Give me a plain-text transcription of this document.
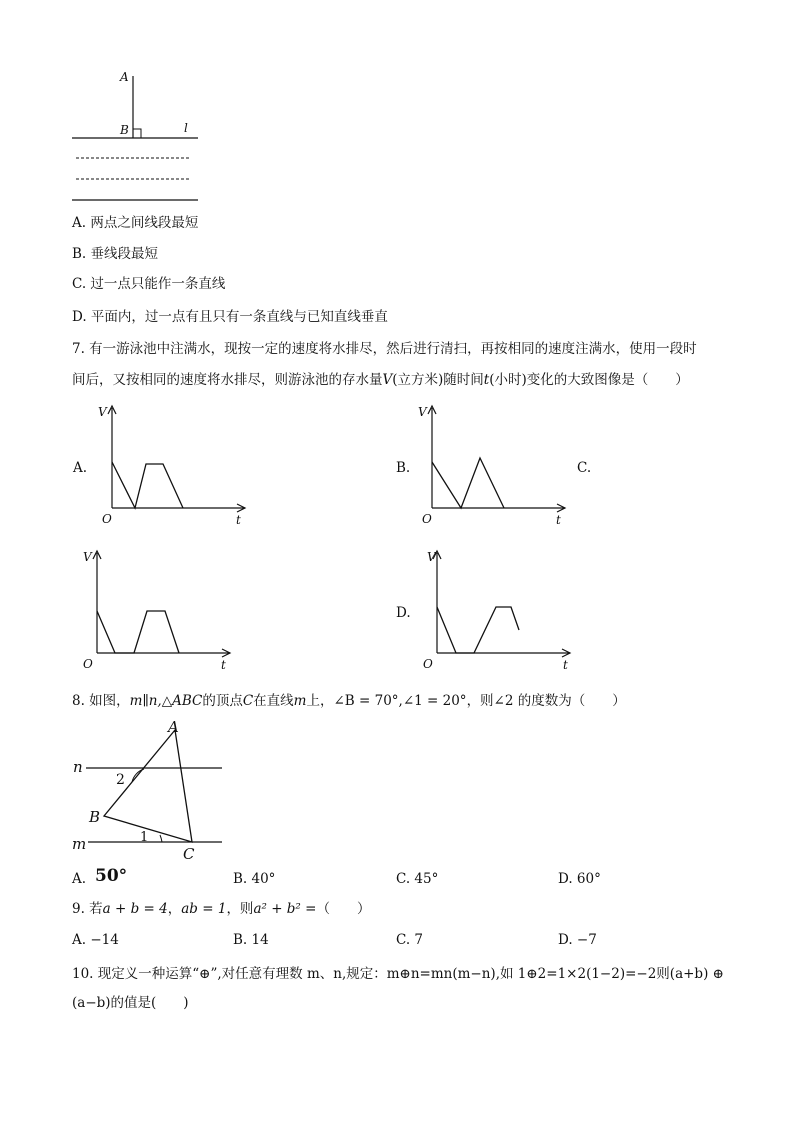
A
B	l
A. 两点之间线段最短
B. 垂线段最短
C. 过一点只能作一条直线
D. 平面内，过一点有且只有一条直线与已知直线垂直
7. 有一游泳池中注满水，现按一定的速度将水排尽，然后进行清扫，再按相同的速度注满水，使用一段时
间后，又按相同的速度将水排尽，则游泳池的存水量V(立方米)随时间t(小时)变化的大致图像是（　　）
A.	B.	C.
D.
V
O	t
V
O	t
V
O	t
V
O	t
8. 如图，m∥n,△ABC的顶点C在直线m上，∠B = 70°,∠1 = 20°，则∠2 的度数为（　　）
A
n
2
B
m	1
C
A. 50°	B. 40°	C. 45°	D. 60°
9. 若a + b = 4，ab = 1，则a² + b² =（　　）
A. −14	B. 14	C. 7	D. −7
10. 现定义一种运算“⊕”,对任意有理数 m、n,规定：m⊕n=mn(m−n),如 1⊕2=1×2(1−2)=−2则(a+b) ⊕
(a−b)的值是(　　)
